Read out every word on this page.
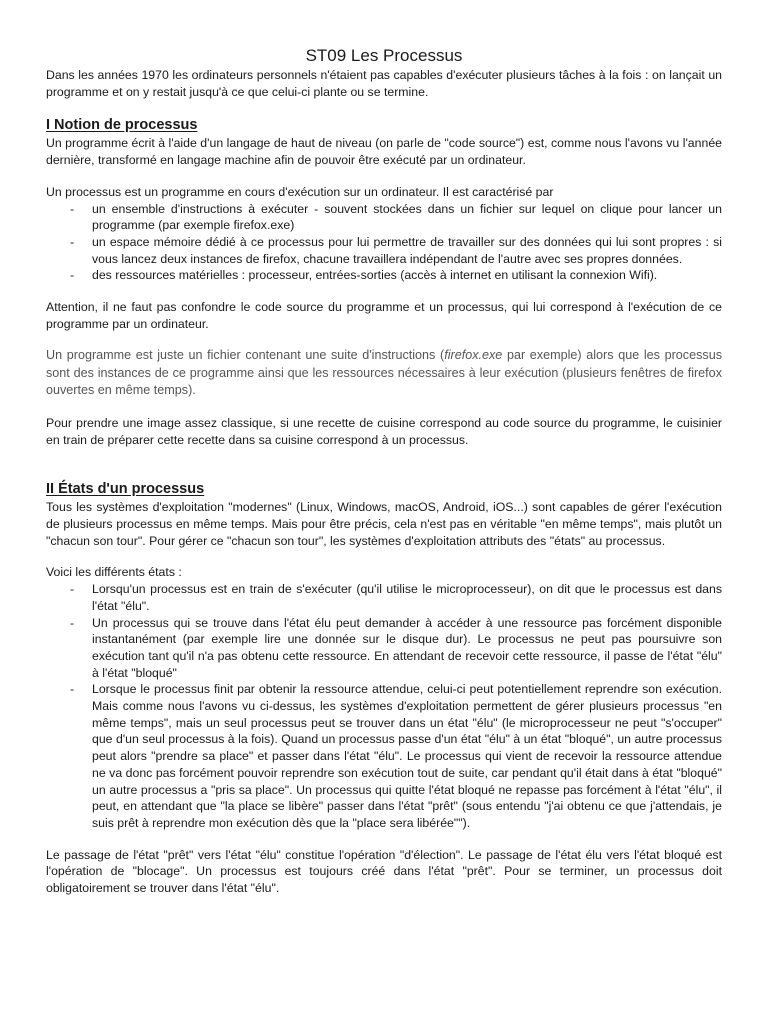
ST09 Les Processus

Dans les années 1970 les ordinateurs personnels n'étaient pas capables d'exécuter plusieurs tâches à la fois : on lançait un programme et on y restait jusqu'à ce que celui-ci plante ou se termine.

I Notion de processus

Un programme écrit à l'aide d'un langage de haut de niveau (on parle de "code source") est, comme nous l'avons vu l'année dernière, transformé en langage machine afin de pouvoir être exécuté par un ordinateur.

Un processus est un programme en cours d'exécution sur un ordinateur. Il est caractérisé par

- un ensemble d'instructions à exécuter - souvent stockées dans un fichier sur lequel on clique pour lancer un programme (par exemple firefox.exe)
- un espace mémoire dédié à ce processus pour lui permettre de travailler sur des données qui lui sont propres : si vous lancez deux instances de firefox, chacune travaillera indépendant de l'autre avec ses propres données.
- des ressources matérielles : processeur, entrées-sorties (accès à internet en utilisant la connexion Wifi).

Attention, il ne faut pas confondre le code source du programme et un processus, qui lui correspond à l'exécution de ce programme par un ordinateur.

Un programme est juste un fichier contenant une suite d'instructions (firefox.exe par exemple) alors que les processus sont des instances de ce programme ainsi que les ressources nécessaires à leur exécution (plusieurs fenêtres de firefox ouvertes en même temps).

Pour prendre une image assez classique, si une recette de cuisine correspond au code source du programme, le cuisinier en train de préparer cette recette dans sa cuisine correspond à un processus.

II États d'un processus

Tous les systèmes d'exploitation "modernes" (Linux, Windows, macOS, Android, iOS...) sont capables de gérer l'exécution de plusieurs processus en même temps. Mais pour être précis, cela n'est pas en véritable "en même temps", mais plutôt un "chacun son tour". Pour gérer ce "chacun son tour", les systèmes d'exploitation attributs des "états" au processus.

Voici les différents états :

- Lorsqu'un processus est en train de s'exécuter (qu'il utilise le microprocesseur), on dit que le processus est dans l'état "élu".
- Un processus qui se trouve dans l'état élu peut demander à accéder à une ressource pas forcément disponible instantanément (par exemple lire une donnée sur le disque dur). Le processus ne peut pas poursuivre son exécution tant qu'il n'a pas obtenu cette ressource. En attendant de recevoir cette ressource, il passe de l'état "élu" à l'état "bloqué"
- Lorsque le processus finit par obtenir la ressource attendue, celui-ci peut potentiellement reprendre son exécution. Mais comme nous l'avons vu ci-dessus, les systèmes d'exploitation permettent de gérer plusieurs processus "en même temps", mais un seul processus peut se trouver dans un état "élu" (le microprocesseur ne peut "s'occuper" que d'un seul processus à la fois). Quand un processus passe d'un état "élu" à un état "bloqué", un autre processus peut alors "prendre sa place" et passer dans l'état "élu". Le processus qui vient de recevoir la ressource attendue ne va donc pas forcément pouvoir reprendre son exécution tout de suite, car pendant qu'il était dans à état "bloqué" un autre processus a "pris sa place". Un processus qui quitte l'état bloqué ne repasse pas forcément à l'état "élu", il peut, en attendant que "la place se libère" passer dans l'état "prêt" (sous entendu "j'ai obtenu ce que j'attendais, je suis prêt à reprendre mon exécution dès que la "place sera libérée"").

Le passage de l'état "prêt" vers l'état "élu" constitue l'opération "d'élection". Le passage de l'état élu vers l'état bloqué est l'opération de "blocage". Un processus est toujours créé dans l'état "prêt". Pour se terminer, un processus doit obligatoirement se trouver dans l'état "élu".
